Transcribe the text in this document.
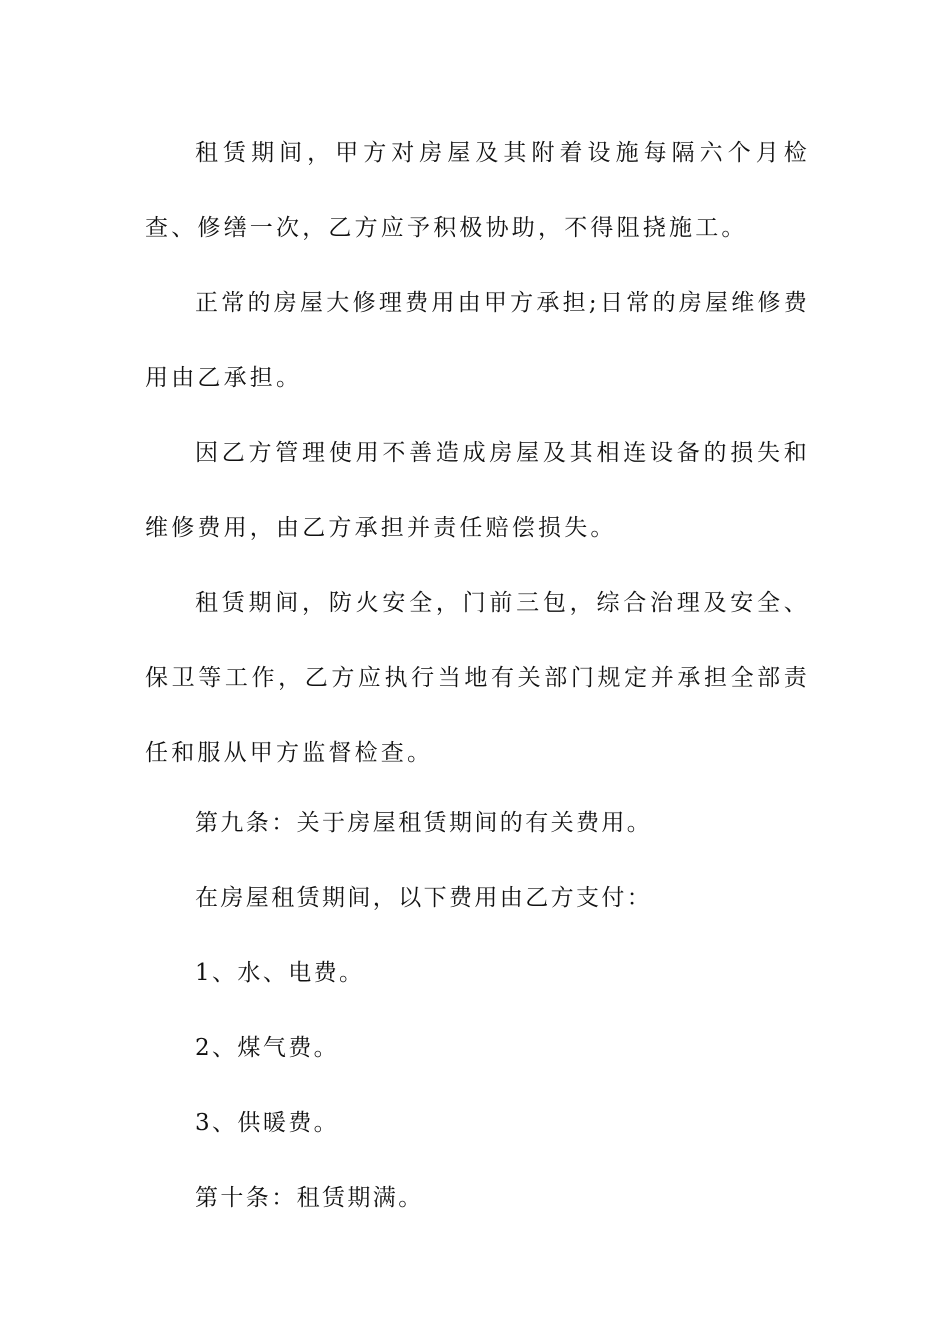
租赁期间，甲方对房屋及其附着设施每隔六个月检查、修缮一次，乙方应予积极协助，不得阻挠施工。

正常的房屋大修理费用由甲方承担;日常的房屋维修费用由乙承担。

因乙方管理使用不善造成房屋及其相连设备的损失和维修费用，由乙方承担并责任赔偿损失。

租赁期间，防火安全，门前三包，综合治理及安全、保卫等工作，乙方应执行当地有关部门规定并承担全部责任和服从甲方监督检查。

第九条：关于房屋租赁期间的有关费用。

在房屋租赁期间，以下费用由乙方支付：

1、水、电费。

2、煤气费。

3、供暖费。

第十条：租赁期满。
